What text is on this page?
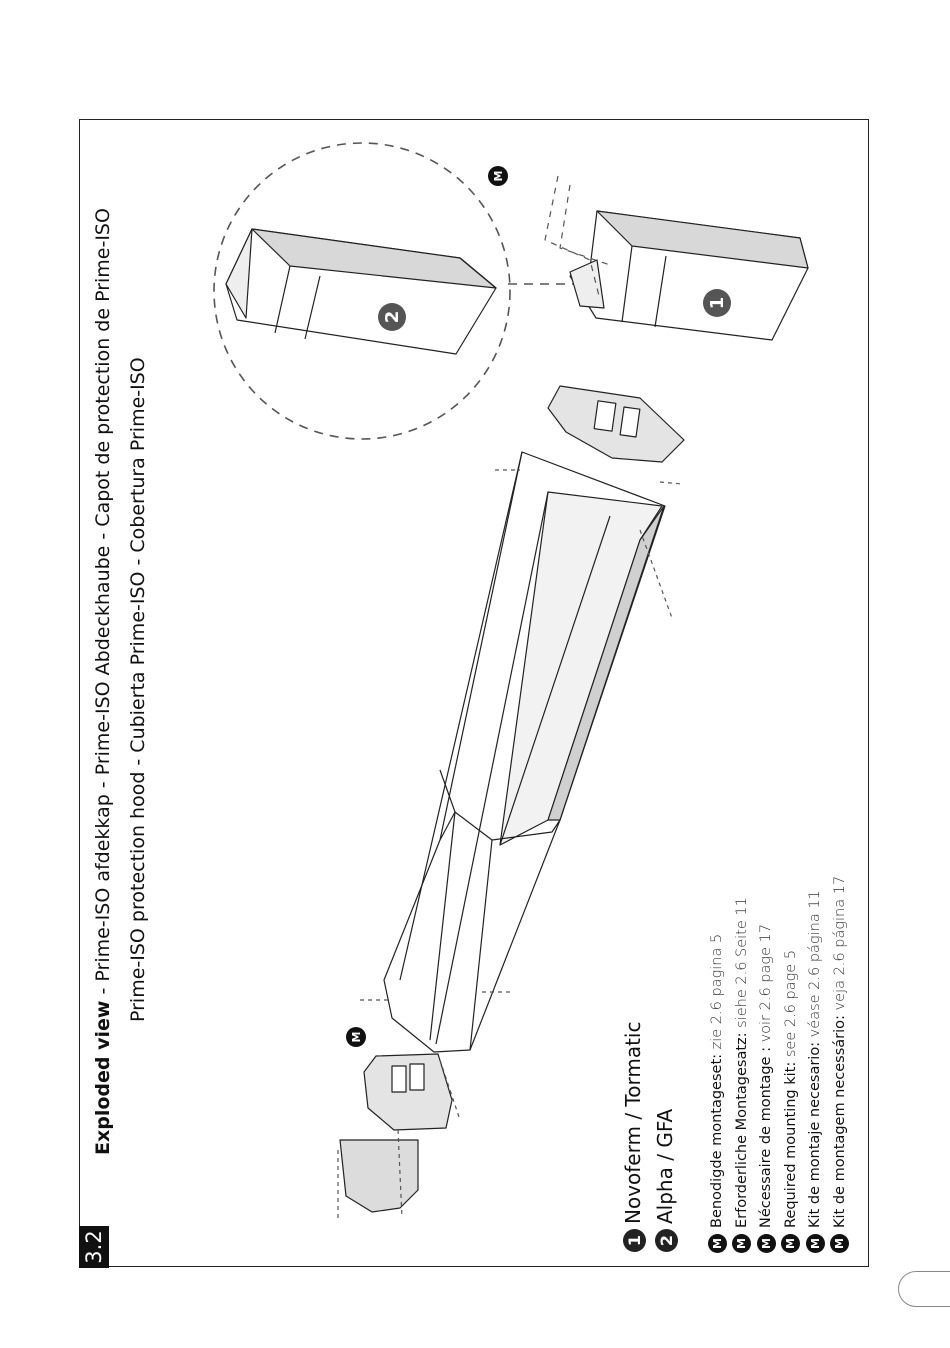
3.2
Exploded view - Prime-ISO afdekkap - Prime-ISO Abdeckhaube - Capot de protection de Prime-ISO Prime-ISO protection hood - Cubierta Prime-ISO - Cobertura Prime-ISO
1Novoferm / Tormatic
2Alpha / GFA
MBenodigde montageset: zie 2.6 pagina 5
MErforderliche Montagesatz: siehe 2.6 Seite 11
MNécessaire de montage : voir 2.6 page 17
MRequired mounting kit: see 2.6 page 5
MKit de montaje necesario: véase 2.6 página 11
MKit de montagem necessário: veja 2.6 página 17
2
1
M
M
